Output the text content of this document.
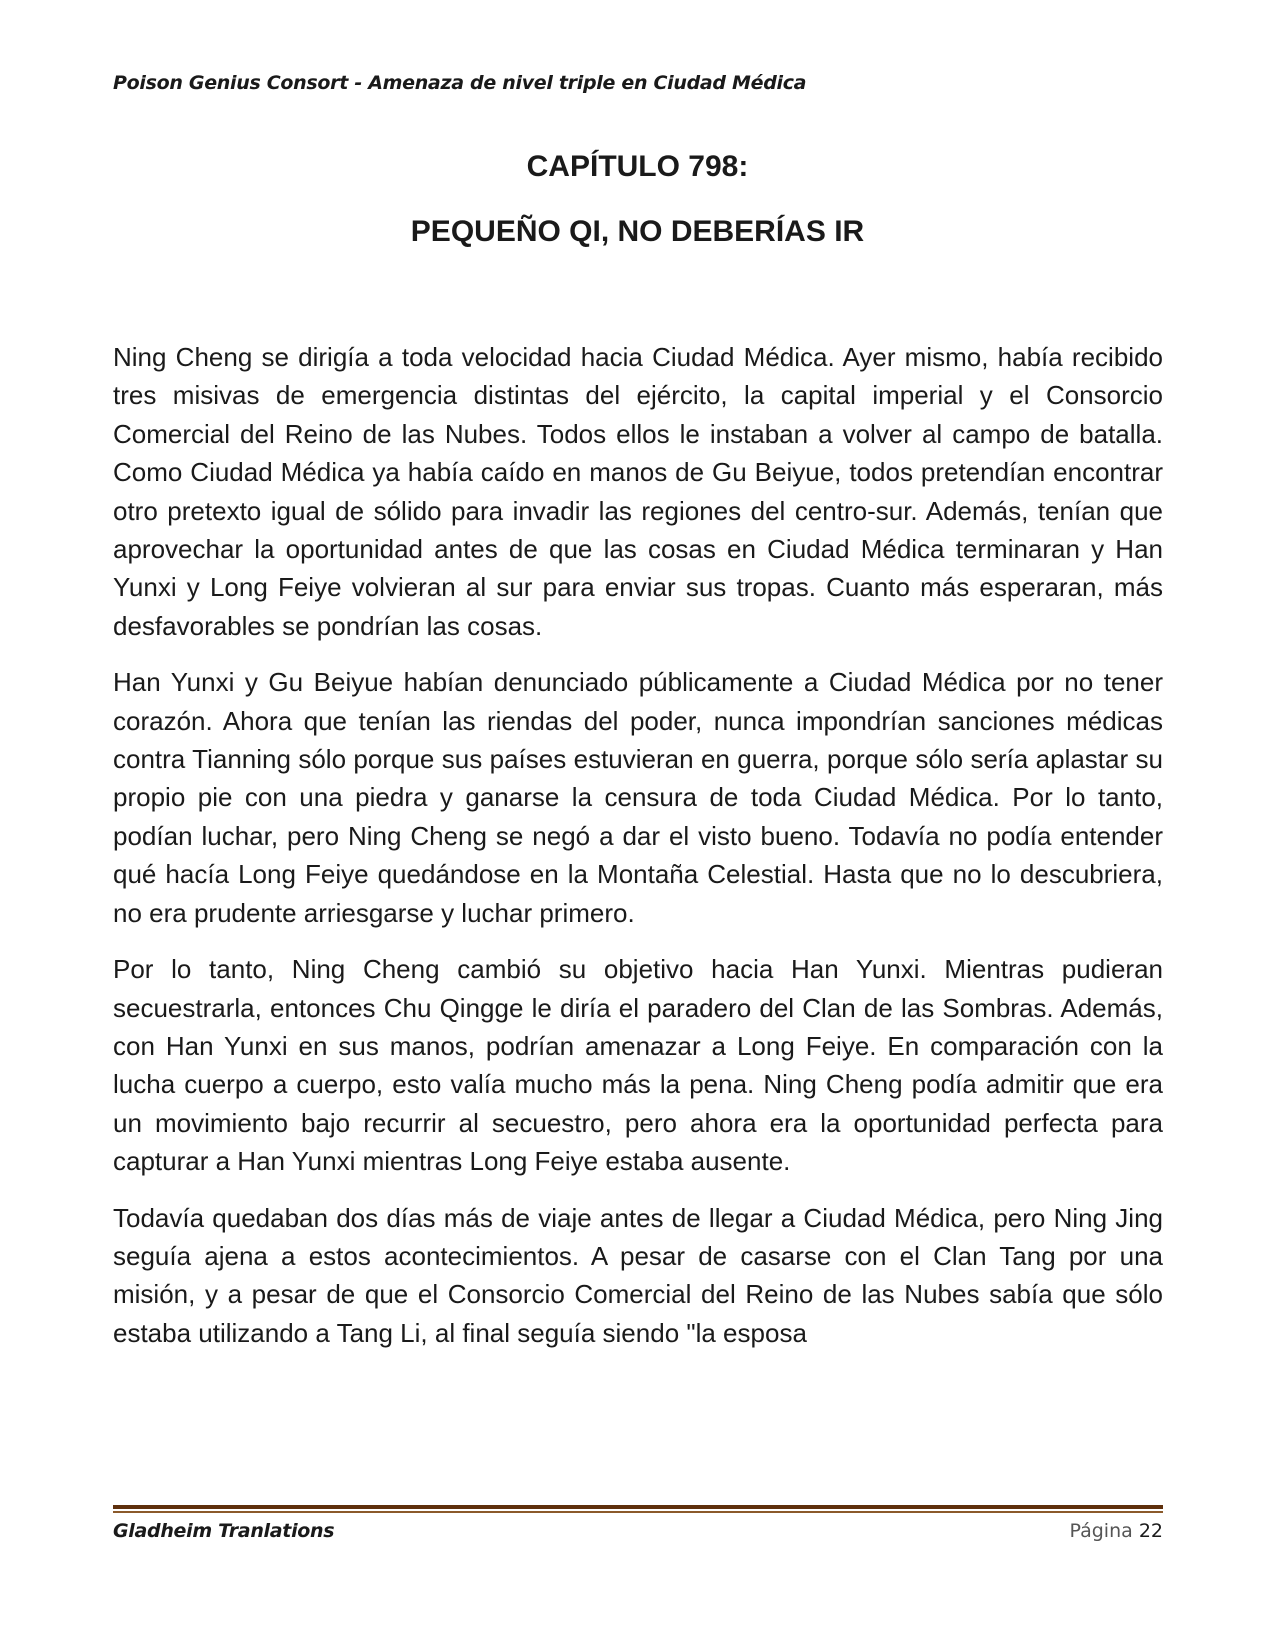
Poison Genius Consort - Amenaza de nivel triple en Ciudad Médica
CAPÍTULO 798:
PEQUEÑO QI, NO DEBERÍAS IR

Ning Cheng se dirigía a toda velocidad hacia Ciudad Médica. Ayer mismo, había recibido tres misivas de emergencia distintas del ejército, la capital imperial y el Consorcio Comercial del Reino de las Nubes. Todos ellos le instaban a volver al campo de batalla. Como Ciudad Médica ya había caído en manos de Gu Beiyue, todos pretendían encontrar otro pretexto igual de sólido para invadir las regiones del centro-sur. Además, tenían que aprovechar la oportunidad antes de que las cosas en Ciudad Médica terminaran y Han Yunxi y Long Feiye volvieran al sur para enviar sus tropas. Cuanto más esperaran, más desfavorables se pondrían las cosas.

Han Yunxi y Gu Beiyue habían denunciado públicamente a Ciudad Médica por no tener corazón. Ahora que tenían las riendas del poder, nunca impondrían sanciones médicas contra Tianning sólo porque sus países estuvieran en guerra, porque sólo sería aplastar su propio pie con una piedra y ganarse la censura de toda Ciudad Médica. Por lo tanto, podían luchar, pero Ning Cheng se negó a dar el visto bueno. Todavía no podía entender qué hacía Long Feiye quedándose en la Montaña Celestial. Hasta que no lo descubriera, no era prudente arriesgarse y luchar primero.

Por lo tanto, Ning Cheng cambió su objetivo hacia Han Yunxi. Mientras pudieran secuestrarla, entonces Chu Qingge le diría el paradero del Clan de las Sombras. Además, con Han Yunxi en sus manos, podrían amenazar a Long Feiye. En comparación con la lucha cuerpo a cuerpo, esto valía mucho más la pena. Ning Cheng podía admitir que era un movimiento bajo recurrir al secuestro, pero ahora era la oportunidad perfecta para capturar a Han Yunxi mientras Long Feiye estaba ausente.

Todavía quedaban dos días más de viaje antes de llegar a Ciudad Médica, pero Ning Jing seguía ajena a estos acontecimientos. A pesar de casarse con el Clan Tang por una misión, y a pesar de que el Consorcio Comercial del Reino de las Nubes sabía que sólo estaba utilizando a Tang Li, al final seguía siendo "la esposa

Gladheim Tranlations	Página 22
